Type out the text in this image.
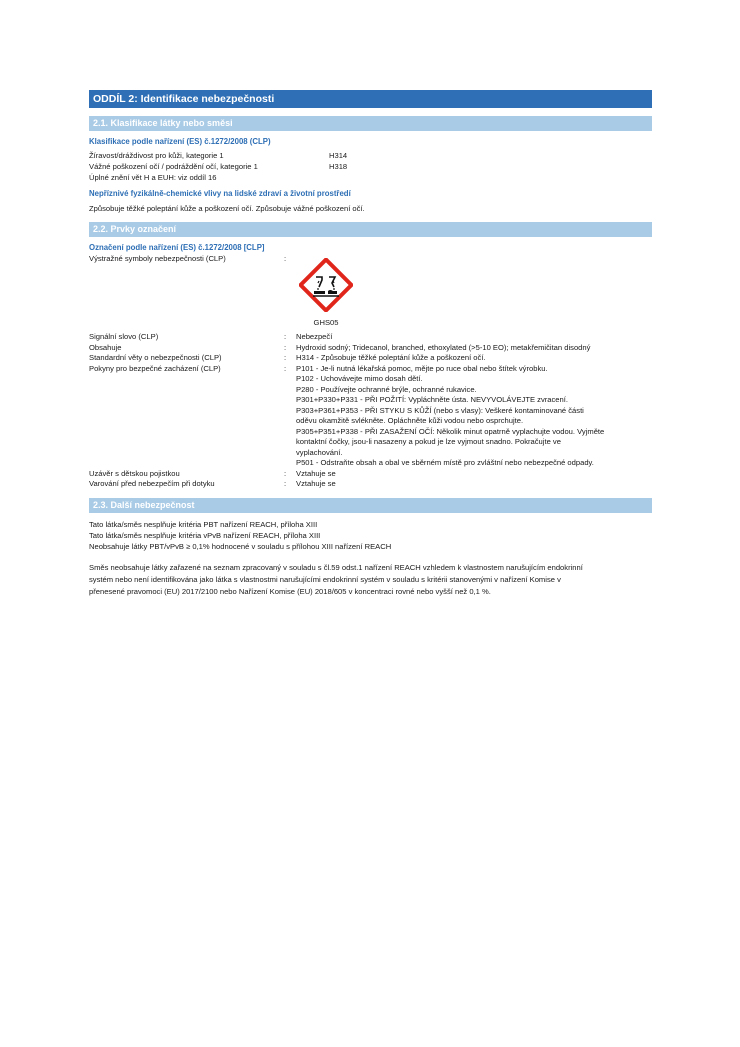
ODDÍL 2: Identifikace nebezpečnosti
2.1. Klasifikace látky nebo směsi
Klasifikace podle nařízení (ES) č.1272/2008 (CLP)
Žíravost/dráždivost pro kůži, kategorie 1	H314
Vážné poškození očí / podráždění očí, kategorie 1	H318
Úplné znění vět H a EUH: viz oddíl 16
Nepříznivé fyzikálně-chemické vlivy na lidské zdraví a životní prostředí
Způsobuje těžké poleptání kůže a poškození očí. Způsobuje vážné poškození očí.
2.2. Prvky označení
Označení podle nařízení (ES) č.1272/2008 [CLP]
Výstražné symboly nebezpečnosti (CLP)	:
GHS05
Signální slovo (CLP)	:	Nebezpečí
Obsahuje	:	Hydroxid sodný; Tridecanol, branched, ethoxylated (>5-10 EO); metakřemičitan disodný
Standardní věty o nebezpečnosti (CLP)	:	H314 - Způsobuje těžké poleptání kůže a poškození očí.
Pokyny pro bezpečné zacházení (CLP)	:	P101 - Je-li nutná lékařská pomoc, mějte po ruce obal nebo štítek výrobku.
P102 - Uchovávejte mimo dosah dětí.
P280 - Používejte ochranné brýle, ochranné rukavice.
P301+P330+P331 - PŘI POŽITÍ: Vypláchněte ústa. NEVYVOLÁVEJTE zvracení.
P303+P361+P353 - PŘI STYKU S KŮŽÍ (nebo s vlasy): Veškeré kontaminované části
oděvu okamžitě svlékněte. Opláchněte kůži vodou nebo osprchujte.
P305+P351+P338 - PŘI ZASAŽENÍ OČÍ: Několik minut opatrně vyplachujte vodou. Vyjměte
kontaktní čočky, jsou-li nasazeny a pokud je lze vyjmout snadno. Pokračujte ve
vyplachování.
P501 - Odstraňte obsah a obal ve sběrném místě pro zvláštní nebo nebezpečné odpady.
Uzávěr s dětskou pojistkou	:	Vztahuje se
Varování před nebezpečím při dotyku	:	Vztahuje se
2.3. Další nebezpečnost
Tato látka/směs nesplňuje kritéria PBT nařízení REACH, příloha XIII
Tato látka/směs nesplňuje kritéria vPvB nařízení REACH, příloha XIII
Neobsahuje látky PBT/vPvB ≥ 0,1% hodnocené v souladu s přílohou XIII nařízení REACH
Směs neobsahuje látky zařazené na seznam zpracovaný v souladu s čl.59 odst.1 nařízení REACH vzhledem k vlastnostem narušujícím endokrinní
systém nebo není identifikována jako látka s vlastnostmi narušujícími endokrinní systém v souladu s kritérii stanovenými v nařízení Komise v
přenesené pravomoci (EU) 2017/2100 nebo Nařízení Komise (EU) 2018/605 v koncentraci rovné nebo vyšší než 0,1 %.
